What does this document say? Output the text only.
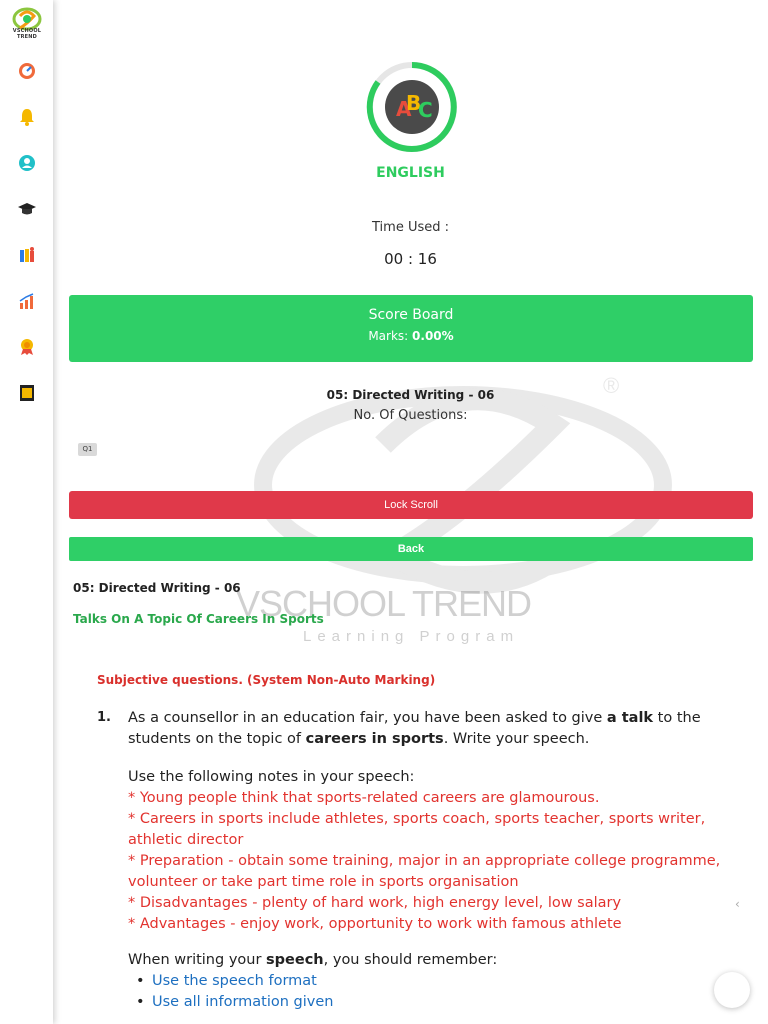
VSCHOOL TREND
®
VSCHOOL TREND
Learning Program
A
B
C
ENGLISH
Time Used :
00 : 16
Score Board
Marks: 0.00%
05: Directed Writing - 06
No. Of Questions:
Q1
Lock Scroll
Back
05: Directed Writing - 06
Talks On A Topic Of Careers In Sports
Subjective questions. (System Non-Auto Marking)
1. As a counsellor in an education fair, you have been asked to give a talk to the students on the topic of careers in sports. Write your speech.

Use the following notes in your speech:

* Young people think that sports-related careers are glamourous.

* Careers in sports include athletes, sports coach, sports teacher, sports writer, athletic director

* Preparation - obtain some training, major in an appropriate college programme, volunteer or take part time role in sports organisation

* Disadvantages - plenty of hard work, high energy level, low salary

* Advantages - enjoy work, opportunity to work with famous athlete

When writing your speech, you should remember:

• Use the speech format
• Use all information given
‹
